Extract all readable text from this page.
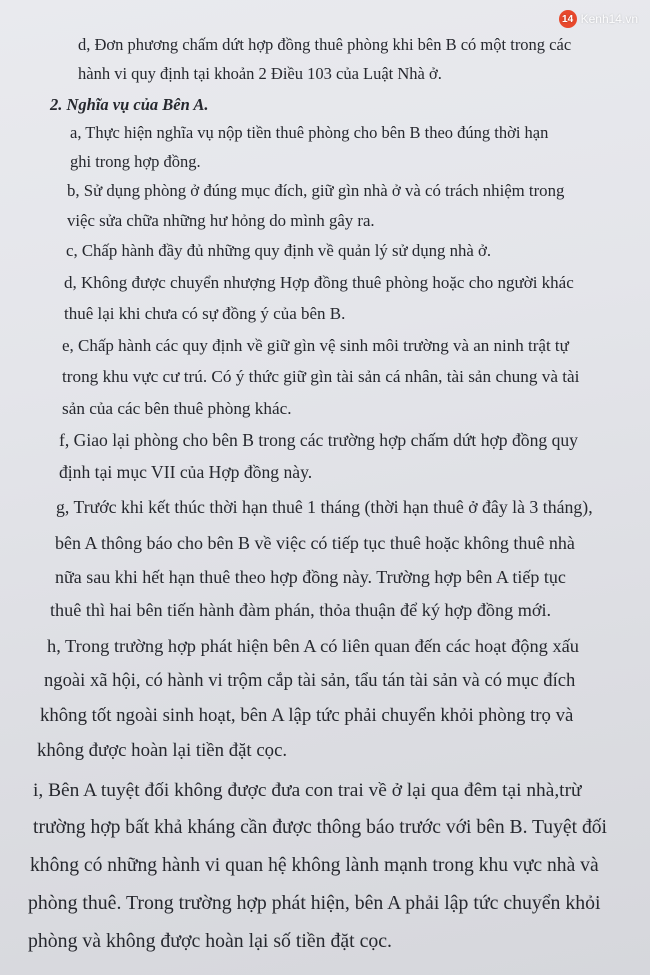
14 Kenh14.vn
d, Đơn phương chấm dứt hợp đồng thuê phòng khi bên B có một trong các
hành vi quy định tại khoản 2 Điều 103 của Luật Nhà ở.
2. Nghĩa vụ của Bên A.
a, Thực hiện nghĩa vụ nộp tiền thuê phòng cho bên B theo đúng thời hạn
ghi trong hợp đồng.
b, Sử dụng phòng ở đúng mục đích, giữ gìn nhà ở và có trách nhiệm trong
việc sửa chữa những hư hỏng do mình gây ra.
c, Chấp hành đầy đủ những quy định về quản lý sử dụng nhà ở.
d, Không được chuyển nhượng Hợp đồng thuê phòng hoặc cho người khác
thuê lại khi chưa có sự đồng ý của bên B.
e, Chấp hành các quy định về giữ gìn vệ sinh môi trường và an ninh trật tự
trong khu vực cư trú. Có ý thức giữ gìn tài sản cá nhân, tài sản chung và tài
sản của các bên thuê phòng khác.
f, Giao lại phòng cho bên B trong các trường hợp chấm dứt hợp đồng quy
định tại mục VII của Hợp đồng này.
g, Trước khi kết thúc thời hạn thuê 1 tháng (thời hạn thuê ở đây là 3 tháng),
bên A thông báo cho bên B về việc có tiếp tục thuê hoặc không thuê nhà
nữa sau khi hết hạn thuê theo hợp đồng này. Trường hợp bên A tiếp tục
thuê thì hai bên tiến hành đàm phán, thỏa thuận để ký hợp đồng mới.
h, Trong trường hợp phát hiện bên A có liên quan đến các hoạt động xấu
ngoài xã hội, có hành vi trộm cắp tài sản, tẩu tán tài sản và có mục đích
không tốt ngoài sinh hoạt, bên A lập tức phải chuyển khỏi phòng trọ và
không được hoàn lại tiền đặt cọc.
i, Bên A tuyệt đối không được đưa con trai về ở lại qua đêm tại nhà,trừ
trường hợp bất khả kháng cần được thông báo trước với bên B. Tuyệt đối
không có những hành vi quan hệ không lành mạnh trong khu vực nhà và
phòng thuê. Trong trường hợp phát hiện, bên A phải lập tức chuyển khỏi
phòng và không được hoàn lại số tiền đặt cọc.
